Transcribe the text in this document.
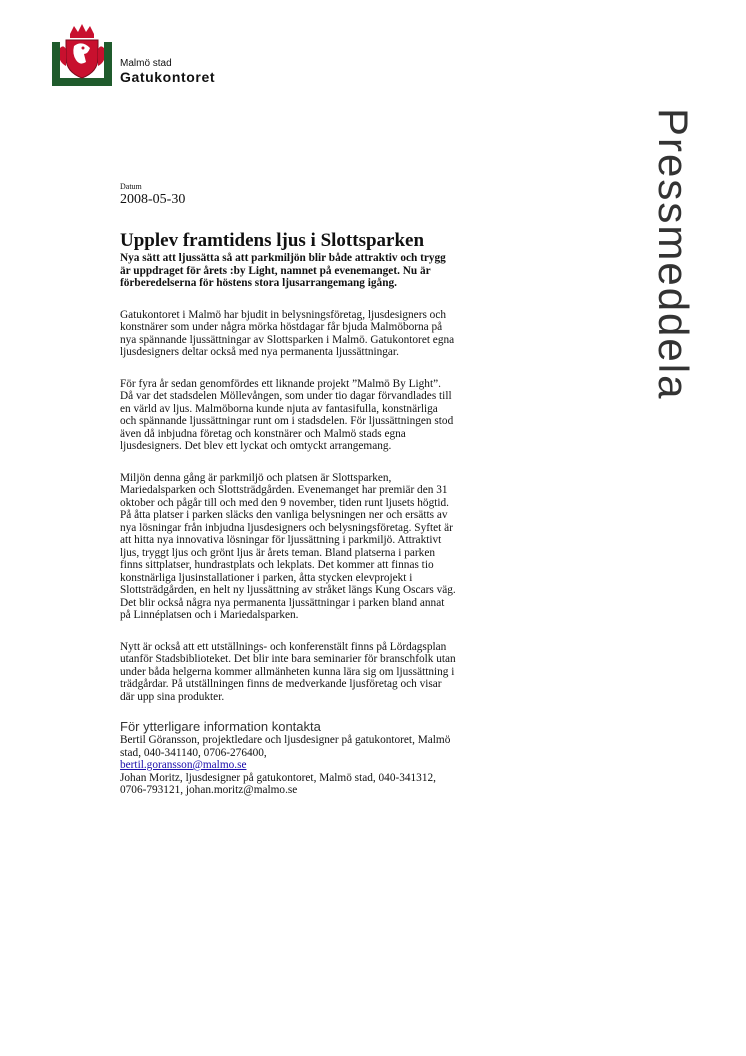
Malmö stad
Gatukontoret
Pressmeddela
Datum
2008-05-30
Upplev framtidens ljus i Slottsparken

Nya sätt att ljussätta så att parkmiljön blir både attraktiv och trygg är uppdraget för årets :by Light, namnet på evenemanget. Nu är förberedelserna för höstens stora ljusarrangemang igång.

Gatukontoret i Malmö har bjudit in belysningsföretag, ljusdesigners och konstnärer som under några mörka höstdagar får bjuda Malmöborna på nya spännande ljussättningar av Slottsparken i Malmö. Gatukontoret egna ljusdesigners deltar också med nya permanenta ljussättningar.

För fyra år sedan genomfördes ett liknande projekt ”Malmö By Light”. Då var det stadsdelen Möllevången, som under tio dagar förvandlades till en värld av ljus. Malmöborna kunde njuta av fantasifulla, konstnärliga och spännande ljussättningar runt om i stadsdelen. För ljussättningen stod även då inbjudna företag och konstnärer och Malmö stads egna ljusdesigners. Det blev ett lyckat och omtyckt arrangemang.

Miljön denna gång är parkmiljö och platsen är Slottsparken, Mariedalsparken och Slottsträdgården. Evenemanget har premiär den 31 oktober och pågår till och med den 9 november, tiden runt ljusets högtid.

På åtta platser i parken släcks den vanliga belysningen ner och ersätts av nya lösningar från inbjudna ljusdesigners och belysningsföretag. Syftet är att hitta nya innovativa lösningar för ljussättning i parkmiljö. Attraktivt ljus, tryggt ljus och grönt ljus är årets teman. Bland platserna i parken finns sittplatser, hundrastplats och lekplats. Det kommer att finnas tio konstnärliga ljusinstallationer i parken, åtta stycken elevprojekt i Slottsträdgården, en helt ny ljussättning av stråket längs Kung Oscars väg. Det blir också några nya permanenta ljussättningar i parken bland annat på Linnéplatsen och i Mariedalsparken.

Nytt är också att ett utställnings- och konferenstält finns på Lördagsplan utanför Stadsbiblioteket. Det blir inte bara seminarier för branschfolk utan under båda helgerna kommer allmänheten kunna lära sig om ljussättning i trädgårdar. På utställningen finns de medverkande ljusföretag och visar där upp sina produkter.

För ytterligare information kontakta

Bertil Göransson, projektledare och ljusdesigner på gatukontoret, Malmö stad, 040-341140, 0706-276400,
bertil.goransson@malmo.se

Johan Moritz, ljusdesigner på gatukontoret, Malmö stad, 040-341312, 0706-793121, johan.moritz@malmo.se
